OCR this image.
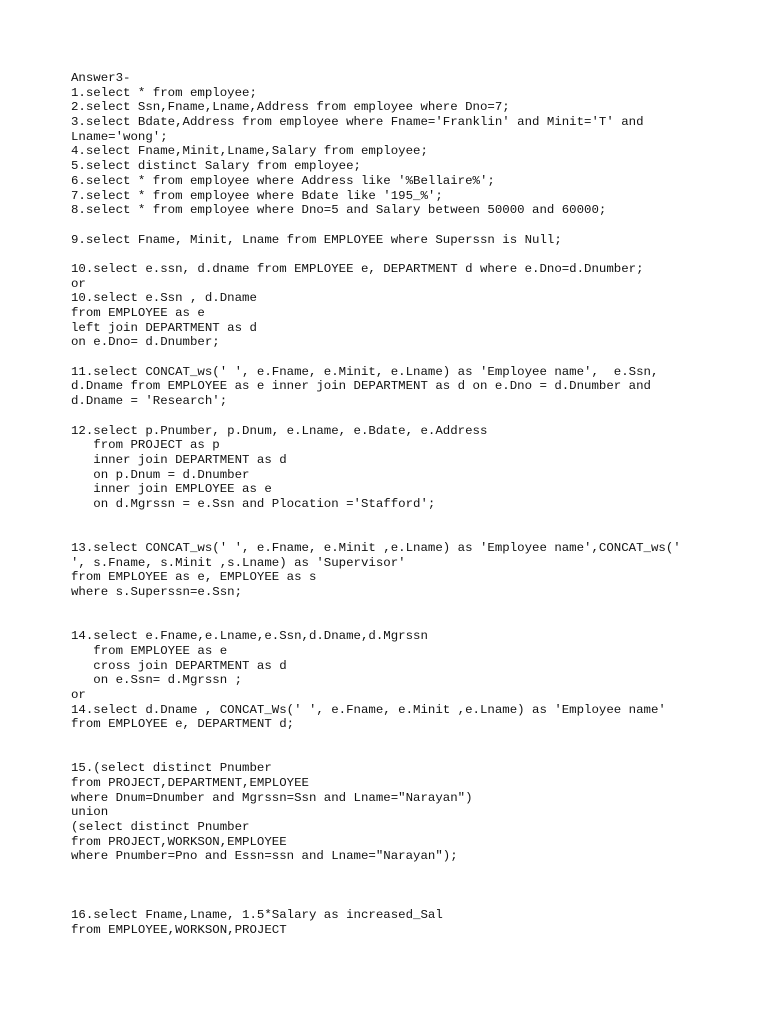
Answer3-
1.select * from employee;
2.select Ssn,Fname,Lname,Address from employee where Dno=7;
3.select Bdate,Address from employee where Fname='Franklin' and Minit='T' and
Lname='wong';
4.select Fname,Minit,Lname,Salary from employee;
5.select distinct Salary from employee;
6.select * from employee where Address like '%Bellaire%';
7.select * from employee where Bdate like '195_%';
8.select * from employee where Dno=5 and Salary between 50000 and 60000;
9.select Fname, Minit, Lname from EMPLOYEE where Superssn is Null;
10.select e.ssn, d.dname from EMPLOYEE e, DEPARTMENT d where e.Dno=d.Dnumber;
or
10.select e.Ssn , d.Dname
from EMPLOYEE as e
left join DEPARTMENT as d
on e.Dno= d.Dnumber;
11.select CONCAT_ws(' ', e.Fname, e.Minit, e.Lname) as 'Employee name',  e.Ssn,
d.Dname from EMPLOYEE as e inner join DEPARTMENT as d on e.Dno = d.Dnumber and
d.Dname = 'Research';
12.select p.Pnumber, p.Dnum, e.Lname, e.Bdate, e.Address
from PROJECT as p
inner join DEPARTMENT as d
on p.Dnum = d.Dnumber
inner join EMPLOYEE as e
on d.Mgrssn = e.Ssn and Plocation ='Stafford';
13.select CONCAT_ws(' ', e.Fname, e.Minit ,e.Lname) as 'Employee name',CONCAT_ws('
', s.Fname, s.Minit ,s.Lname) as 'Supervisor'
from EMPLOYEE as e, EMPLOYEE as s
where s.Superssn=e.Ssn;
14.select e.Fname,e.Lname,e.Ssn,d.Dname,d.Mgrssn
from EMPLOYEE as e
cross join DEPARTMENT as d
on e.Ssn= d.Mgrssn ;
or
14.select d.Dname , CONCAT_Ws(' ', e.Fname, e.Minit ,e.Lname) as 'Employee name'
from EMPLOYEE e, DEPARTMENT d;
15.(select distinct Pnumber
from PROJECT,DEPARTMENT,EMPLOYEE
where Dnum=Dnumber and Mgrssn=Ssn and Lname="Narayan")
union
(select distinct Pnumber
from PROJECT,WORKSON,EMPLOYEE
where Pnumber=Pno and Essn=ssn and Lname="Narayan");
16.select Fname,Lname, 1.5*Salary as increased_Sal
from EMPLOYEE,WORKSON,PROJECT
